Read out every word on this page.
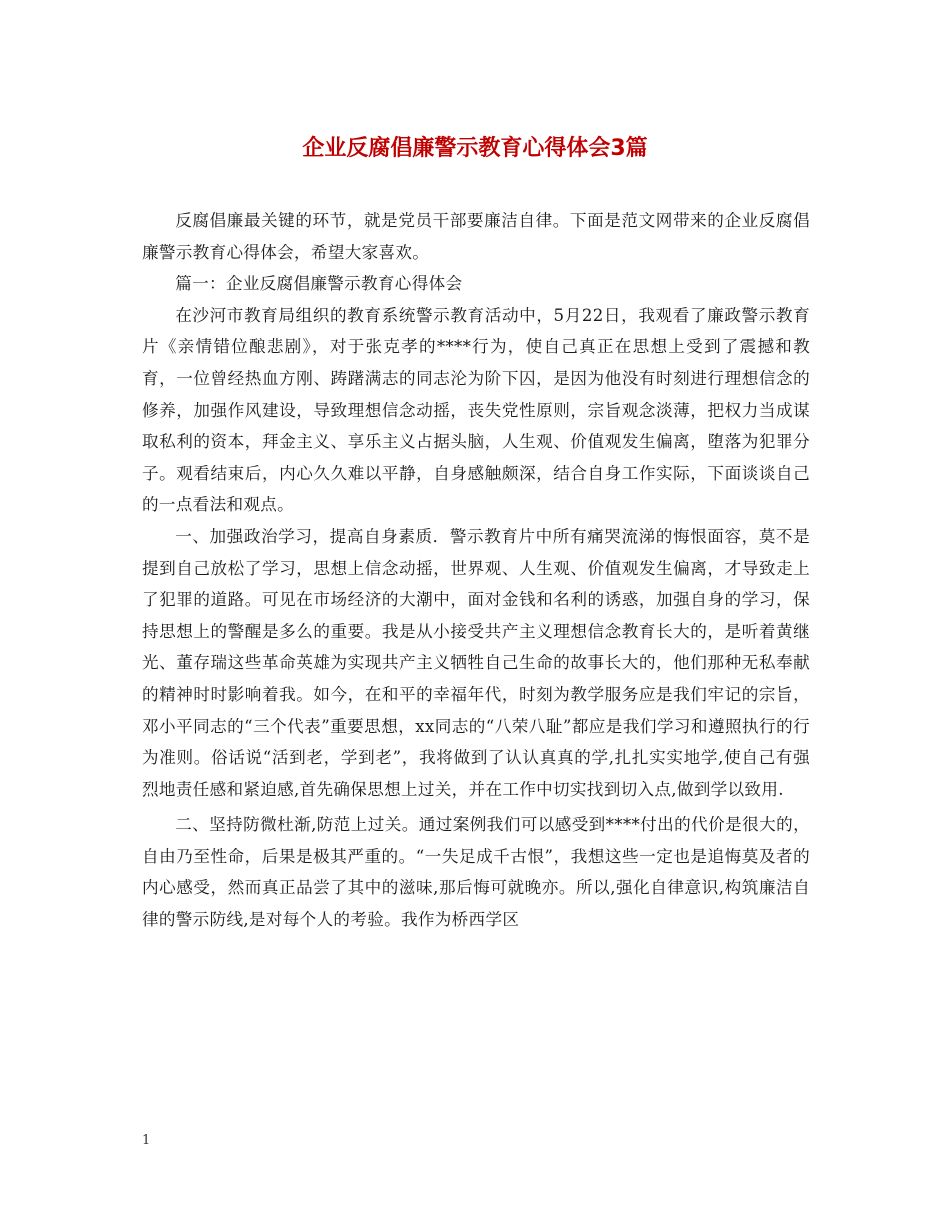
企业反腐倡廉警示教育心得体会3篇

反腐倡廉最关键的环节，就是党员干部要廉洁自律。下面是范文网带来的企业反腐倡廉警示教育心得体会，希望大家喜欢。

篇一：企业反腐倡廉警示教育心得体会

在沙河市教育局组织的教育系统警示教育活动中，5月22日，我观看了廉政警示教育片《亲情错位酿悲剧》，对于张克孝的****行为，使自己真正在思想上受到了震撼和教育，一位曾经热血方刚、踌躇满志的同志沦为阶下囚，是因为他没有时刻进行理想信念的修养，加强作风建设，导致理想信念动摇，丧失党性原则，宗旨观念淡薄，把权力当成谋取私利的资本，拜金主义、享乐主义占据头脑，人生观、价值观发生偏离，堕落为犯罪分子。观看结束后，内心久久难以平静，自身感触颇深，结合自身工作实际，下面谈谈自己的一点看法和观点。

一、加强政治学习，提高自身素质．警示教育片中所有痛哭流涕的悔恨面容，莫不是提到自己放松了学习，思想上信念动摇，世界观、人生观、价值观发生偏离，才导致走上了犯罪的道路。可见在市场经济的大潮中，面对金钱和名利的诱惑，加强自身的学习，保持思想上的警醒是多么的重要。我是从小接受共产主义理想信念教育长大的，是听着黄继光、董存瑞这些革命英雄为实现共产主义牺牲自己生命的故事长大的，他们那种无私奉献的精神时时影响着我。如今，在和平的幸福年代，时刻为教学服务应是我们牢记的宗旨，邓小平同志的“三个代表”重要思想，xx同志的“八荣八耻”都应是我们学习和遵照执行的行为准则。俗话说“活到老，学到老”，我将做到了认认真真的学,扎扎实实地学,使自己有强烈地责任感和紧迫感,首先确保思想上过关，并在工作中切实找到切入点,做到学以致用.

二、坚持防微杜渐,防范上过关。通过案例我们可以感受到****付出的代价是很大的，自由乃至性命，后果是极其严重的。“一失足成千古恨”，我想这些一定也是追悔莫及者的内心感受，然而真正品尝了其中的滋味,那后悔可就晚亦。所以,强化自律意识,构筑廉洁自律的警示防线,是对每个人的考验。我作为桥西学区

1
